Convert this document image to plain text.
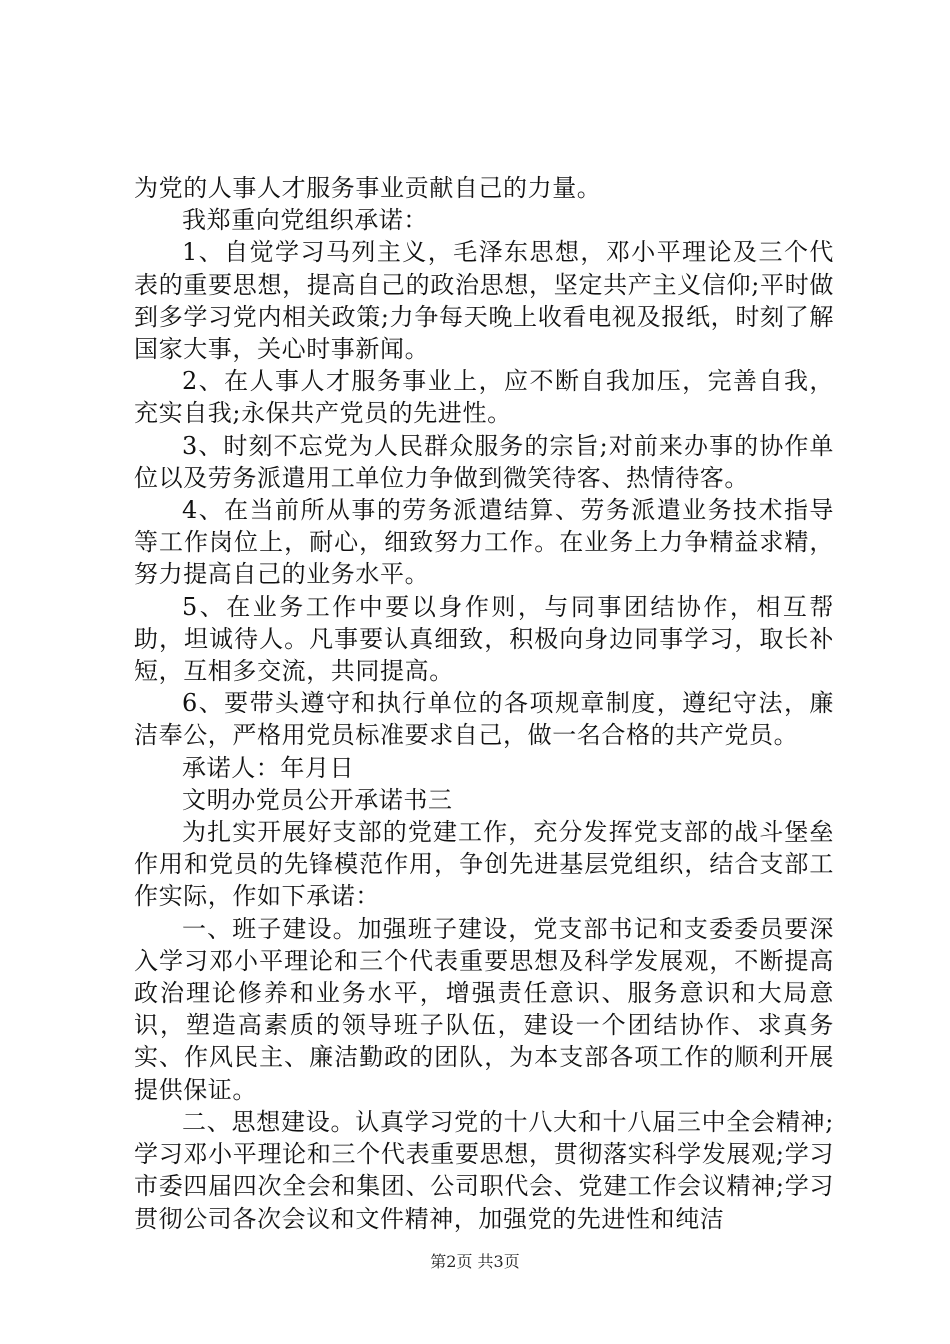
为党的人事人才服务事业贡献自己的力量。

我郑重向党组织承诺：

1、自觉学习马列主义，毛泽东思想，邓小平理论及三个代表的重要思想，提高自己的政治思想，坚定共产主义信仰;平时做到多学习党内相关政策;力争每天晚上收看电视及报纸，时刻了解国家大事，关心时事新闻。

2、在人事人才服务事业上，应不断自我加压，完善自我，充实自我;永保共产党员的先进性。

3、时刻不忘党为人民群众服务的宗旨;对前来办事的协作单位以及劳务派遣用工单位力争做到微笑待客、热情待客。

4、在当前所从事的劳务派遣结算、劳务派遣业务技术指导等工作岗位上，耐心，细致努力工作。在业务上力争精益求精，努力提高自己的业务水平。

5、在业务工作中要以身作则，与同事团结协作，相互帮助，坦诚待人。凡事要认真细致，积极向身边同事学习，取长补短，互相多交流，共同提高。

6、要带头遵守和执行单位的各项规章制度，遵纪守法，廉洁奉公，严格用党员标准要求自己，做一名合格的共产党员。

承诺人：年月日

文明办党员公开承诺书三

为扎实开展好支部的党建工作，充分发挥党支部的战斗堡垒作用和党员的先锋模范作用，争创先进基层党组织，结合支部工作实际，作如下承诺：

一、班子建设。加强班子建设，党支部书记和支委委员要深入学习邓小平理论和三个代表重要思想及科学发展观，不断提高政治理论修养和业务水平，增强责任意识、服务意识和大局意识，塑造高素质的领导班子队伍，建设一个团结协作、求真务实、作风民主、廉洁勤政的团队，为本支部各项工作的顺利开展提供保证。

二、思想建设。认真学习党的十八大和十八届三中全会精神;学习邓小平理论和三个代表重要思想，贯彻落实科学发展观;学习市委四届四次全会和集团、公司职代会、党建工作会议精神;学习贯彻公司各次会议和文件精神，加强党的先进性和纯洁

第2页 共3页
